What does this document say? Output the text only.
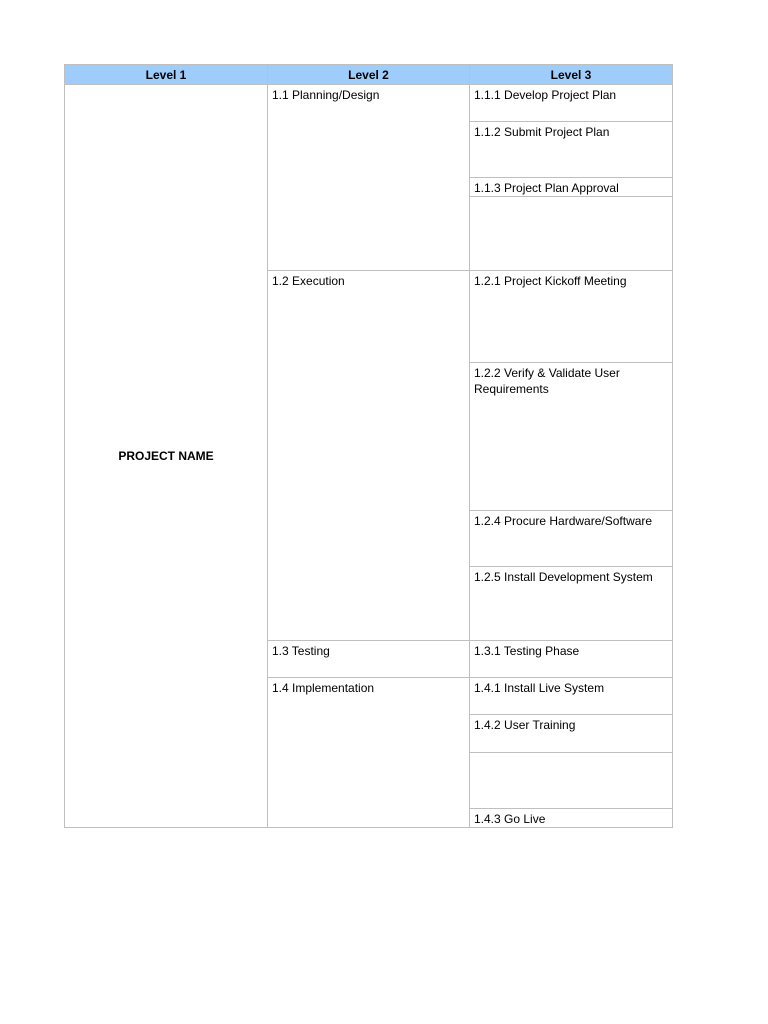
Level 1	Level 2	Level 3
PROJECT NAME	1.1 Planning/Design	1.1.1 Develop Project Plan
		1.1.2 Submit Project Plan
		1.1.3 Project Plan Approval

	1.2 Execution	1.2.1 Project Kickoff Meeting
		1.2.2 Verify & Validate User Requirements
		1.2.4 Procure Hardware/Software
		1.2.5 Install Development System
	1.3 Testing	1.3.1 Testing Phase
	1.4 Implementation	1.4.1 Install Live System
		1.4.2 User Training

		1.4.3 Go Live
